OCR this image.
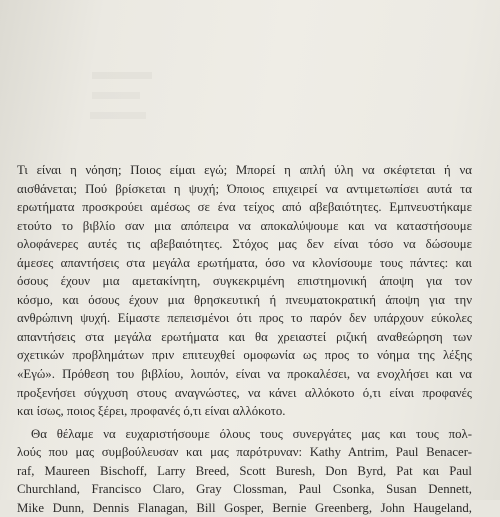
Τι είναι η νόηση; Ποιος είμαι εγώ; Μπορεί η απλή ύλη να σκέφτεται ή να
αισθάνεται; Πού βρίσκεται η ψυχή; Όποιος επιχειρεί να αντιμετωπίσει αυτά τα
ερωτήματα προσκρούει αμέσως σε ένα τείχος από αβεβαιότητες. Εμπνευστήκαμε
ετούτο το βιβλίο σαν μια απόπειρα να αποκαλύψουμε και να καταστήσουμε
ολοφάνερες αυτές τις αβεβαιότητες. Στόχος μας δεν είναι τόσο να δώσουμε
άμεσες απαντήσεις στα μεγάλα ερωτήματα, όσο να κλονίσουμε τους πάντες: και
όσους έχουν μια αμετακίνητη, συγκεκριμένη επιστημονική άποψη για τον
κόσμο, και όσους έχουν μια θρησκευτική ή πνευματοκρατική άποψη για την
ανθρώπινη ψυχή. Είμαστε πεπεισμένοι ότι προς το παρόν δεν υπάρχουν εύκολες
απαντήσεις στα μεγάλα ερωτήματα και θα χρειαστεί ριζική αναθεώρηση των
σχετικών προβλημάτων πριν επιτευχθεί ομοφωνία ως προς το νόημα της λέξης
«Εγώ». Πρόθεση του βιβλίου, λοιπόν, είναι να προκαλέσει, να ενοχλήσει και να
προξενήσει σύγχυση στους αναγνώστες, να κάνει αλλόκοτο ό,τι είναι προφανές
και ίσως, ποιος ξέρει, προφανές ό,τι είναι αλλόκοτο.
Θα θέλαμε να ευχαριστήσουμε όλους τους συνεργάτες μας και τους πολ-
λούς που μας συμβούλευσαν και μας παρότρυναν: Kathy Antrim, Paul Benacer-
raf, Maureen Bischoff, Larry Breed, Scott Buresh, Don Byrd, Pat και Paul
Churchland, Francisco Claro, Gray Clossman, Paul Csonka, Susan Dennett,
Mike Dunn, Dennis Flanagan, Bill Gosper, Bernie Greenberg, John Haugeland,
